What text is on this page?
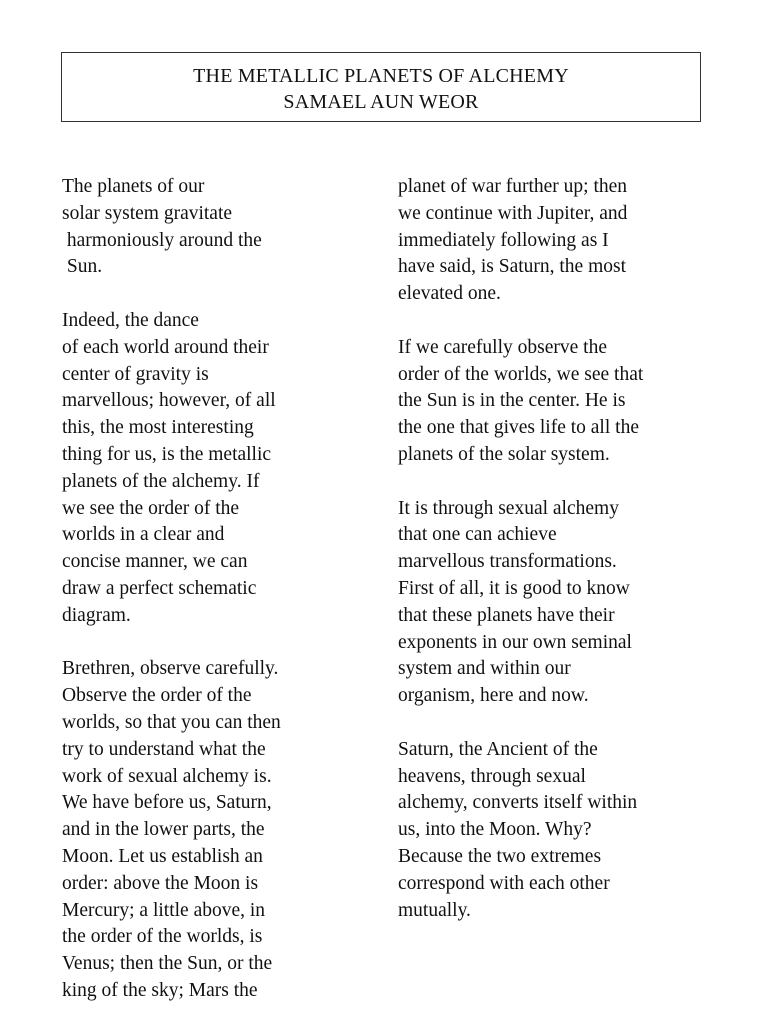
THE METALLIC PLANETS OF ALCHEMY
SAMAEL AUN WEOR
The planets of our
solar system gravitate
harmoniously around the
Sun.
Indeed, the dance
of each world around their
center of gravity is
marvellous; however, of all
this, the most interesting
thing for us, is the metallic
planets of the alchemy. If
we see the order of the
worlds in a clear and
concise manner, we can
draw a perfect schematic
diagram.
Brethren, observe carefully.
Observe the order of the
worlds, so that you can then
try to understand what the
work of sexual alchemy is.
We have before us, Saturn,
and in the lower parts, the
Moon. Let us establish an
order: above the Moon is
Mercury; a little above, in
the order of the worlds, is
Venus; then the Sun, or the
king of the sky; Mars the
planet of war further up; then
we continue with Jupiter, and
immediately following as I
have said, is Saturn, the most
elevated one.
If we carefully observe the
order of the worlds, we see that
the Sun is in the center. He is
the one that gives life to all the
planets of the solar system.
It is through sexual alchemy
that one can achieve
marvellous transformations.
First of all, it is good to know
that these planets have their
exponents in our own seminal
system and within our
organism, here and now.
Saturn, the Ancient of the
heavens, through sexual
alchemy, converts itself within
us, into the Moon. Why?
Because the two extremes
correspond with each other
mutually.
